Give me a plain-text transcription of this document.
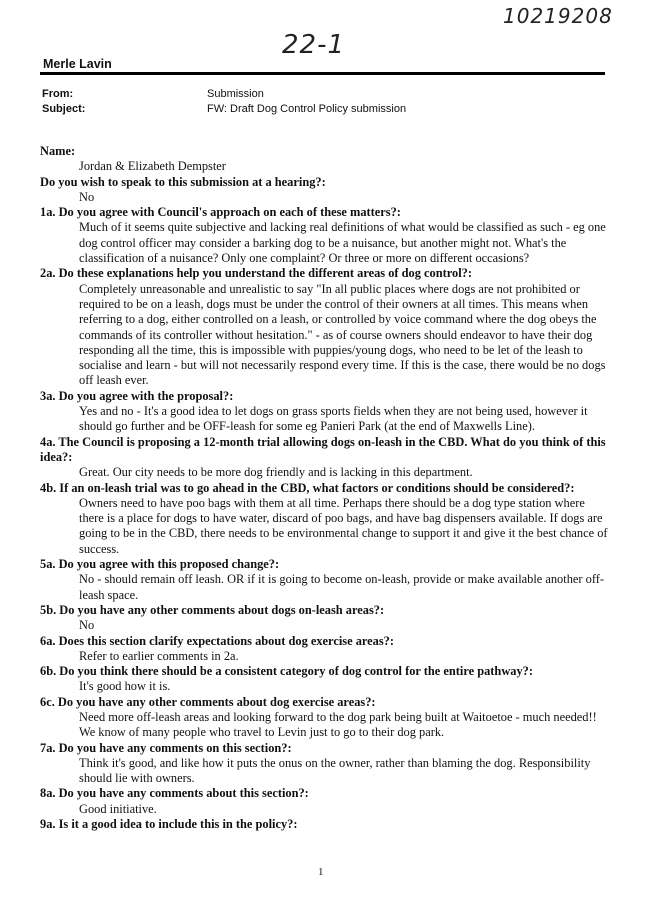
10219208
22-1
Merle Lavin
From:	Submission
Subject:	FW: Draft Dog Control Policy submission

Name:

Jordan & Elizabeth Dempster

Do you wish to speak to this submission at a hearing?:

No

1a. Do you agree with Council's approach on each of these matters?:

Much of it seems quite subjective and lacking real definitions of what would be classified as such - eg one dog control officer may consider a barking dog to be a nuisance, but another might not. What's the classification of a nuisance? Only one complaint? Or three or more on different occasions?

2a. Do these explanations help you understand the different areas of dog control?:

Completely unreasonable and unrealistic to say "In all public places where dogs are not prohibited or required to be on a leash, dogs must be under the control of their owners at all times. This means when referring to a dog, either controlled on a leash, or controlled by voice command where the dog obeys the commands of its controller without hesitation." - as of course owners should endeavor to have their dog responding all the time, this is impossible with puppies/young dogs, who need to be let of the leash to socialise and learn - but will not necessarily respond every time. If this is the case, there would be no dogs off leash ever.

3a. Do you agree with the proposal?:

Yes and no - It's a good idea to let dogs on grass sports fields when they are not being used, however it should go further and be OFF-leash for some eg Panieri Park (at the end of Maxwells Line).

4a. The Council is proposing a 12-month trial allowing dogs on-leash in the CBD. What do you think of this idea?:

Great. Our city needs to be more dog friendly and is lacking in this department.

4b. If an on-leash trial was to go ahead in the CBD, what factors or conditions should be considered?:

Owners need to have poo bags with them at all time. Perhaps there should be a dog type station where there is a place for dogs to have water, discard of poo bags, and have bag dispensers available. If dogs are going to be in the CBD, there needs to be environmental change to support it and give it the best chance of success.

5a. Do you agree with this proposed change?:

No - should remain off leash. OR if it is going to become on-leash, provide or make available another off-leash space.

5b. Do you have any other comments about dogs on-leash areas?:

No

6a. Does this section clarify expectations about dog exercise areas?:

Refer to earlier comments in 2a.

6b. Do you think there should be a consistent category of dog control for the entire pathway?:

It's good how it is.

6c. Do you have any other comments about dog exercise areas?:

Need more off-leash areas and looking forward to the dog park being built at Waitoetoe - much needed!! We know of many people who travel to Levin just to go to their dog park.

7a. Do you have any comments on this section?:

Think it's good, and like how it puts the onus on the owner, rather than blaming the dog. Responsibility should lie with owners.

8a. Do you have any comments about this section?:

Good initiative.

9a. Is it a good idea to include this in the policy?:

1
